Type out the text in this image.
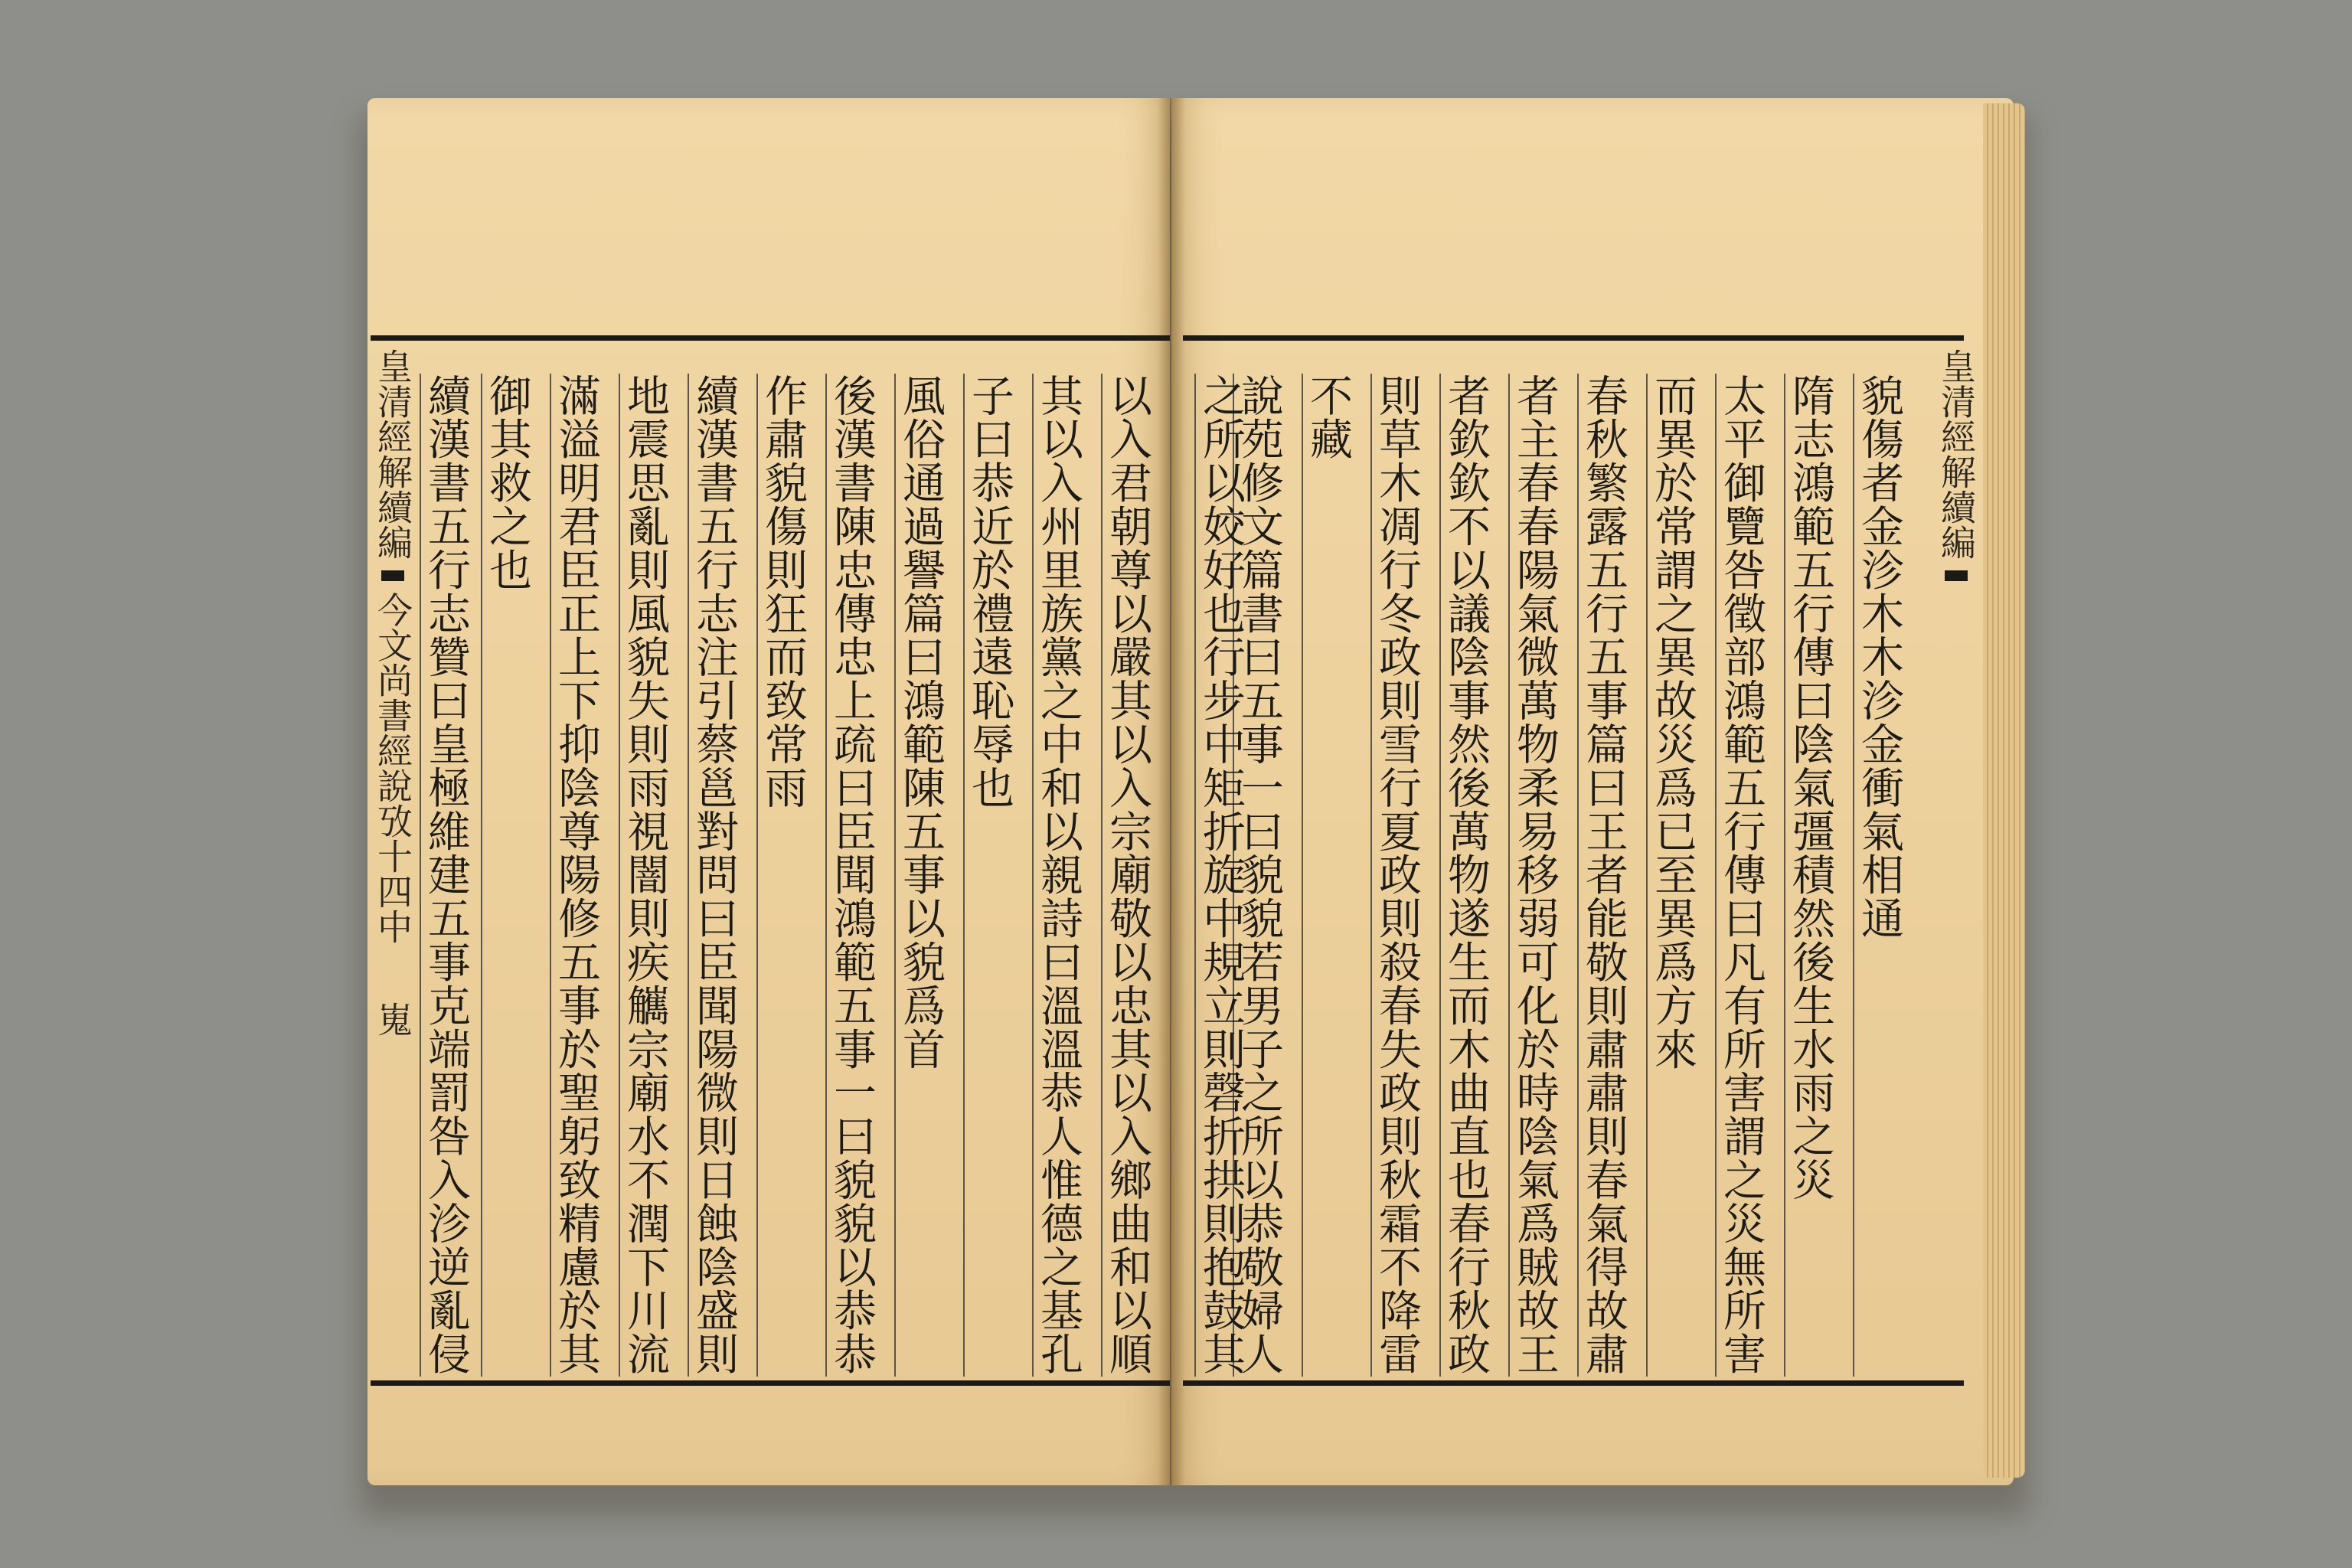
皇清經解續編今文尚書經說攷十四中 嵬	以入君朝尊以嚴其以入宗廟敬以忠其以入鄉曲和以順
其以入州里族黨之中和以親詩曰溫溫恭人惟德之基孔
子曰恭近於禮遠恥辱也
風俗通過譽篇曰鴻範陳五事以貌爲首
後漢書陳忠傳忠上疏曰臣聞鴻範五事一曰貌貌以恭恭
作肅貌傷則狂而致常雨
續漢書五行志注引蔡邕對問曰臣聞陽微則日蝕陰盛則
地震思亂則風貌失則雨視闇則疾觽宗廟水不潤下川流
滿溢明君臣正上下抑陰尊陽修五事於聖躬致精慮於其
御其救之也
續漢書五行志贊曰皇極維建五事克端罰咎入沴逆亂侵	皇清經解續編
貌傷者金沴木木沴金衝氣相通
隋志鴻範五行傳曰陰氣彊積然後生水雨之災
太平御覽咎徵部鴻範五行傳曰凡有所害謂之災無所害
而異於常謂之異故災爲已至異爲方來
春秋繁露五行五事篇曰王者能敬則肅肅則春氣得故肅
者主春春陽氣微萬物柔易移弱可化於時陰氣爲賊故王
者欽欽不以議陰事然後萬物遂生而木曲直也春行秋政
則草木凋行冬政則雪行夏政則殺春失政則秋霜不降雷
不藏
說苑修文篇書曰五事一曰貌貌若男子之所以恭敬婦人
之所以姣好也行步中矩折旋中規立則磬折拱則抱鼓其
